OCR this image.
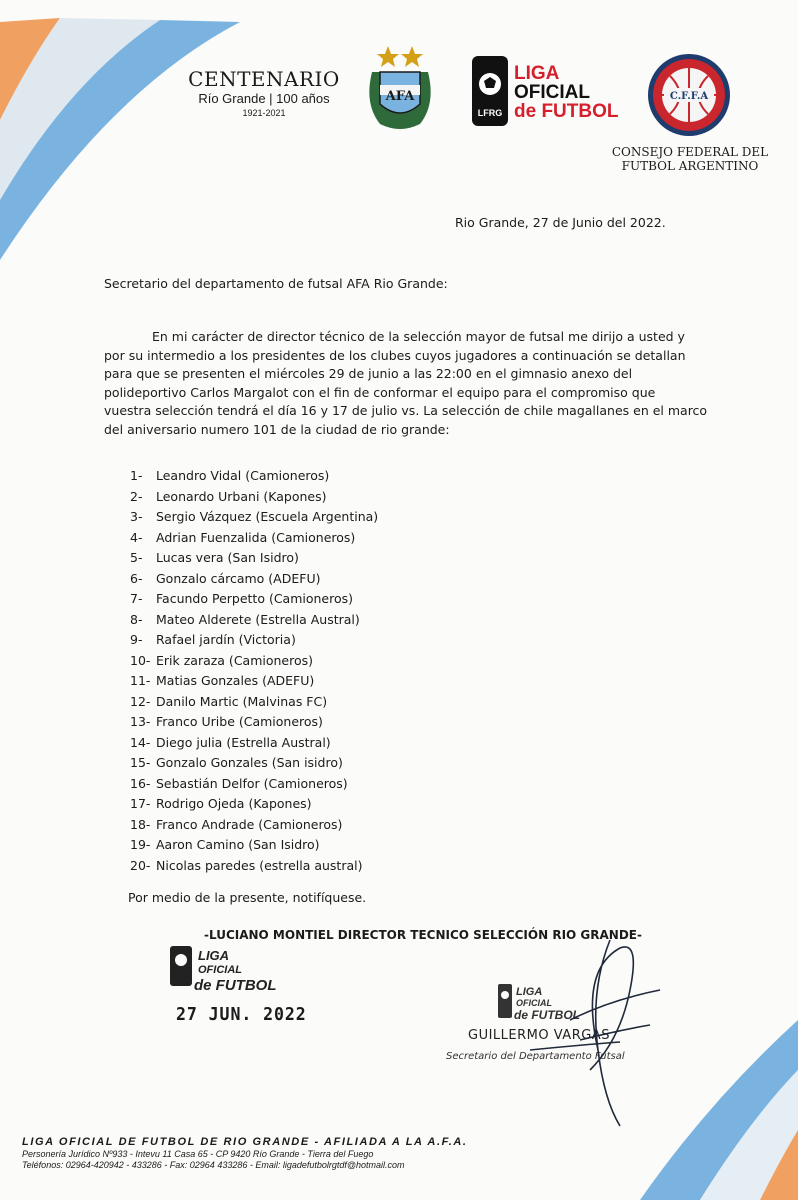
CENTENARIO
Río Grande | 100 años
1921-2021
AFA
LFRG
LIGA
OFICIAL
de FUTBOL
C.F.F.A
CONSEJO FEDERAL DEL
FUTBOL ARGENTINO
Rio Grande, 27 de Junio del 2022.
Secretario del departamento de futsal AFA Rio Grande:
En mi carácter de director técnico de la selección mayor de futsal me dirijo a usted y
por su intermedio a los presidentes de los clubes cuyos jugadores a continuación se detallan
para que se presenten el miércoles 29 de junio a las 22:00 en el gimnasio anexo del
polideportivo Carlos Margalot con el fin de conformar el equipo para el compromiso que
vuestra selección tendrá el día 16 y 17 de julio vs. La selección de chile magallanes en el marco
del aniversario numero 101 de la ciudad de rio grande:
1- Leandro Vidal (Camioneros)
2- Leonardo Urbani (Kapones)
3- Sergio Vázquez (Escuela Argentina)
4- Adrian Fuenzalida (Camioneros)
5- Lucas vera (San Isidro)
6- Gonzalo cárcamo (ADEFU)
7- Facundo Perpetto (Camioneros)
8- Mateo Alderete (Estrella Austral)
9- Rafael jardín (Victoria)
10- Erik zaraza (Camioneros)
11- Matias Gonzales (ADEFU)
12- Danilo Martic (Malvinas FC)
13- Franco Uribe (Camioneros)
14- Diego julia (Estrella Austral)
15- Gonzalo Gonzales (San isidro)
16- Sebastián Delfor (Camioneros)
17- Rodrigo Ojeda (Kapones)
18- Franco Andrade (Camioneros)
19- Aaron Camino (San Isidro)
20- Nicolas paredes (estrella austral)
Por medio de la presente, notifíquese.
-LUCIANO MONTIEL DIRECTOR TECNICO SELECCIÓN RIO GRANDE-
LIGA
OFICIAL
de FUTBOL
27 JUN. 2022
LIGA
OFICIAL
de FUTBOL
GUILLERMO VARGAS
Secretario del Departamento Futsal
LIGA OFICIAL DE FUTBOL DE RIO GRANDE - AFILIADA A LA A.F.A.
Personería Jurídico Nº933 - Intevu 11 Casa 65 - CP 9420 Río Grande - Tierra del Fuego
Teléfonos: 02964-420942 - 433286 - Fax: 02964 433286 - Email: ligadefutbolrgtdf@hotmail.com
